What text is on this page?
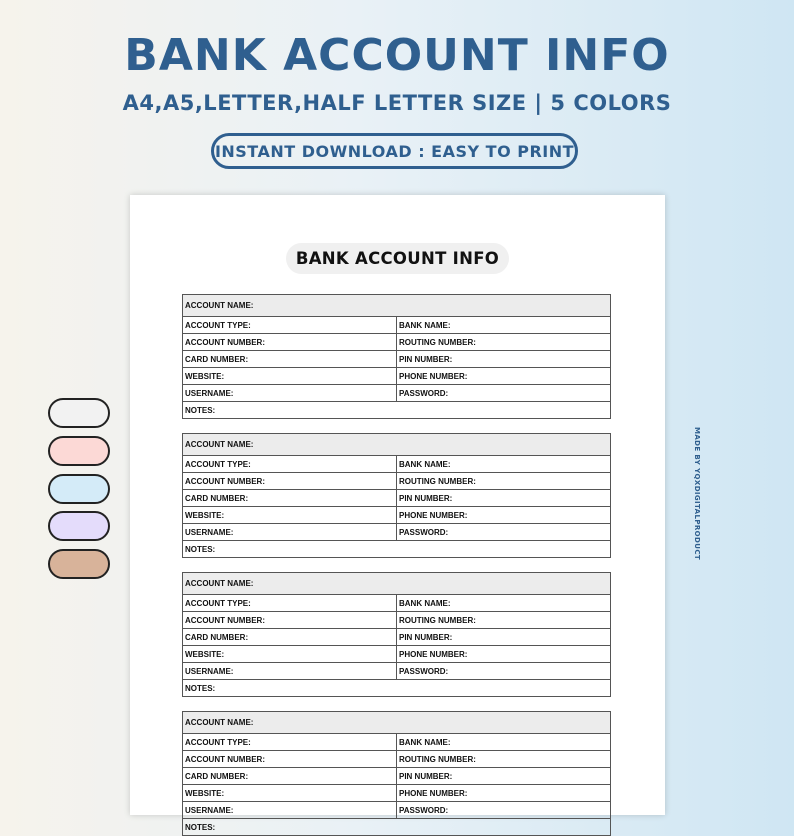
BANK ACCOUNT INFO
A4,A5,LETTER,HALF LETTER SIZE | 5 COLORS
INSTANT DOWNLOAD : EASY TO PRINT
MADE BY YQXDIGITALPRODUCT
BANK ACCOUNT INFO
ACCOUNT NAME:
ACCOUNT TYPE:	BANK NAME:
ACCOUNT NUMBER:	ROUTING NUMBER:
CARD NUMBER:	PIN NUMBER:
WEBSITE:	PHONE NUMBER:
USERNAME:	PASSWORD:
NOTES:
ACCOUNT NAME:
ACCOUNT TYPE:	BANK NAME:
ACCOUNT NUMBER:	ROUTING NUMBER:
CARD NUMBER:	PIN NUMBER:
WEBSITE:	PHONE NUMBER:
USERNAME:	PASSWORD:
NOTES:
ACCOUNT NAME:
ACCOUNT TYPE:	BANK NAME:
ACCOUNT NUMBER:	ROUTING NUMBER:
CARD NUMBER:	PIN NUMBER:
WEBSITE:	PHONE NUMBER:
USERNAME:	PASSWORD:
NOTES:
ACCOUNT NAME:
ACCOUNT TYPE:	BANK NAME:
ACCOUNT NUMBER:	ROUTING NUMBER:
CARD NUMBER:	PIN NUMBER:
WEBSITE:	PHONE NUMBER:
USERNAME:	PASSWORD:
NOTES:
